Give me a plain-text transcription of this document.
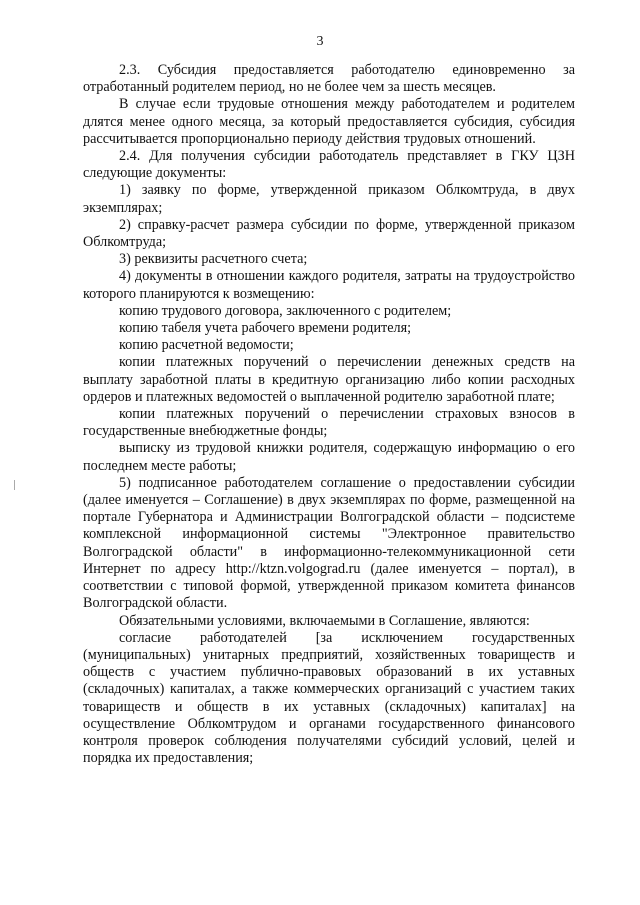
3

2.3. Субсидия предоставляется работодателю единовременно за отработанный родителем период, но не более чем за шесть месяцев.

В случае если трудовые отношения между работодателем и родителем длятся менее одного месяца, за который предоставляется субсидия, субсидия рассчитывается пропорционально периоду действия трудовых отношений.

2.4. Для получения субсидии работодатель представляет в ГКУ ЦЗН следующие документы:

1) заявку по форме, утвержденной приказом Облкомтруда, в двух экземплярах;

2) справку-расчет размера субсидии по форме, утвержденной приказом Облкомтруда;

3) реквизиты расчетного счета;

4) документы в отношении каждого родителя, затраты на трудоустройство которого планируются к возмещению:

копию трудового договора, заключенного с родителем;

копию табеля учета рабочего времени родителя;

копию расчетной ведомости;

копии платежных поручений о перечислении денежных средств на выплату заработной платы в кредитную организацию либо копии расходных ордеров и платежных ведомостей о выплаченной родителю заработной плате;

копии платежных поручений о перечислении страховых взносов в государственные внебюджетные фонды;

выписку из трудовой книжки родителя, содержащую информацию о его последнем месте работы;

5) подписанное работодателем соглашение о предоставлении субсидии (далее именуется – Соглашение) в двух экземплярах по форме, размещенной на портале Губернатора и Администрации Волгоградской области – подсистеме комплексной информационной системы "Электронное правительство Волгоградской области" в информационно-телекоммуникационной сети Интернет по адресу http://ktzn.volgograd.ru (далее именуется – портал), в соответствии с типовой формой, утвержденной приказом комитета финансов Волгоградской области.

Обязательными условиями, включаемыми в Соглашение, являются:

согласие работодателей [за исключением государственных (муниципальных) унитарных предприятий, хозяйственных товариществ и обществ с участием публично-правовых образований в их уставных (складочных) капиталах, а также коммерческих организаций с участием таких товариществ и обществ в их уставных (складочных) капиталах] на осуществление Облкомтрудом и органами государственного финансового контроля проверок соблюдения получателями субсидий условий, целей и порядка их предоставления;
